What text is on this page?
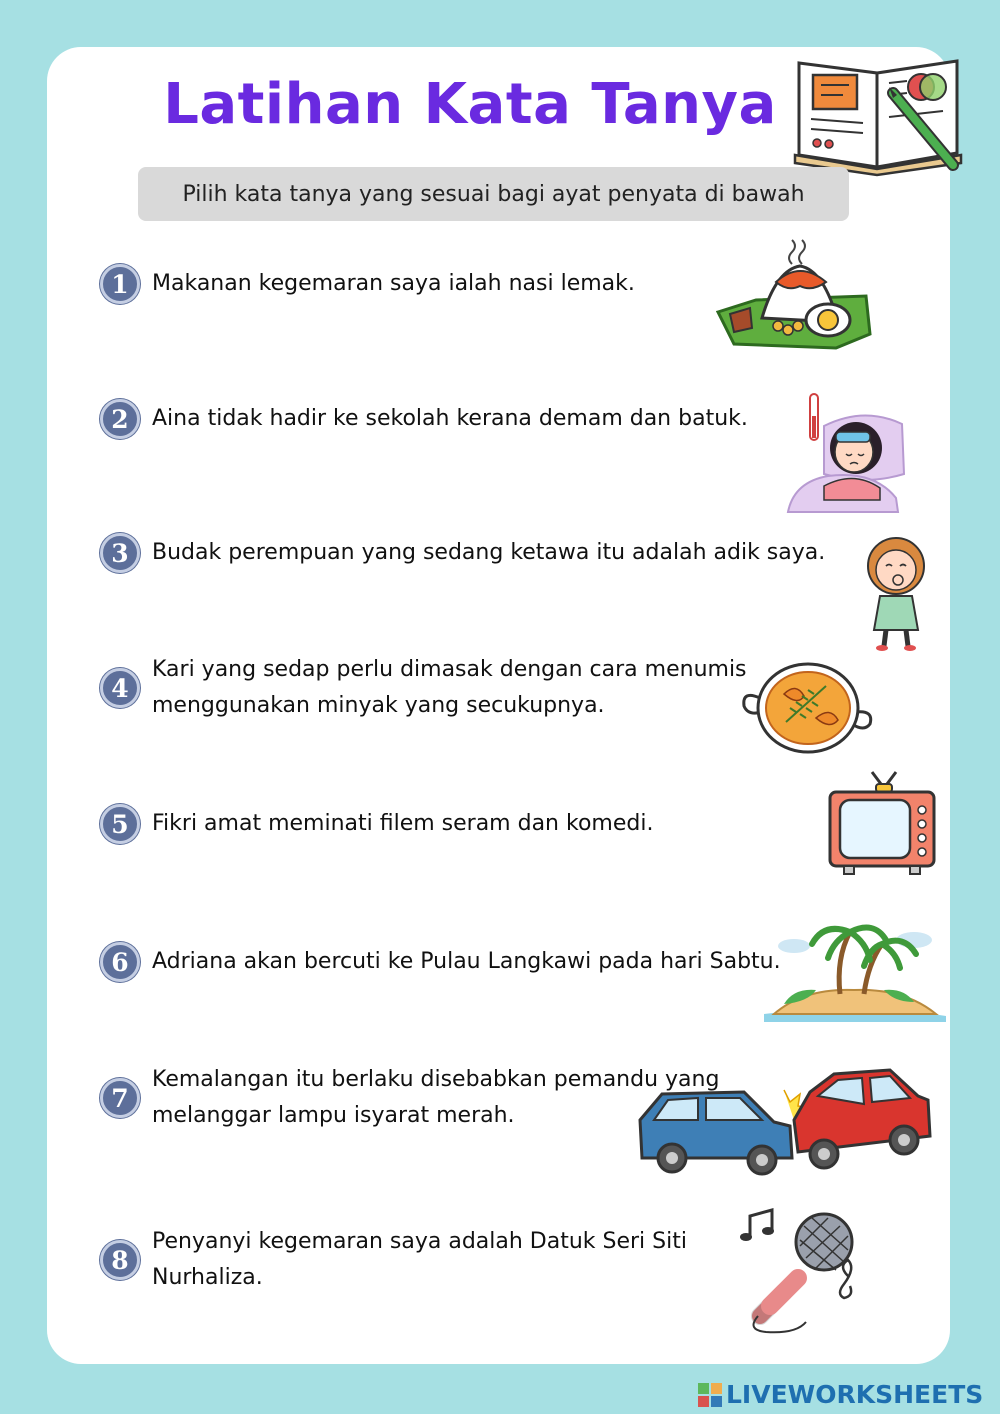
Latihan Kata Tanya
Pilih kata tanya yang sesuai bagi ayat penyata di bawah
1	Makanan kegemaran saya ialah nasi lemak.
2	Aina tidak hadir ke sekolah kerana demam dan batuk.
3	Budak perempuan yang sedang ketawa itu adalah adik saya.
4
Kari yang sedap perlu dimasak dengan cara menumis
menggunakan minyak yang secukupnya.
5	Fikri amat meminati filem seram dan komedi.
6	Adriana akan bercuti ke Pulau Langkawi pada hari Sabtu.
7
Kemalangan itu berlaku disebabkan pemandu yang
melanggar lampu isyarat merah.
8
Penyanyi kegemaran saya adalah Datuk Seri Siti
Nurhaliza.
LIVEWORKSHEETS
